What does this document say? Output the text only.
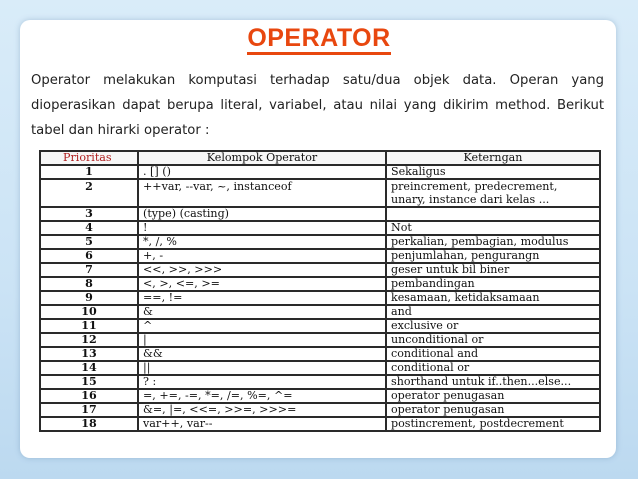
OPERATOR
Operator melakukan komputasi terhadap satu/dua objek data. Operan yang dioperasikan dapat berupa literal, variabel, atau nilai yang dikirim method. Berikut tabel dan hirarki operator :
Prioritas	Kelompok Operator	Keterngan
1	. [] ()	Sekaligus
2	++var, --var, ~, instanceof	preincrement, predecrement, unary, instance dari kelas ...
3	(type) (casting)	
4	!	Not
5	*, /, %	perkalian, pembagian, modulus
6	+, -	penjumlahan, pengurangn
7	<<, >>, >>>	geser untuk bil biner
8	<, >, <=, >=	pembandingan
9	==, !=	kesamaan, ketidaksamaan
10	&	and
11	^	exclusive or
12	|	unconditional or
13	&&	conditional and
14	||	conditional or
15	? :	shorthand untuk if..then...else...
16	=, +=, -=, *=, /=, %=, ^=	operator penugasan
17	&=, |=, <<=, >>=, >>>=	operator penugasan
18	var++, var--	postincrement, postdecrement
